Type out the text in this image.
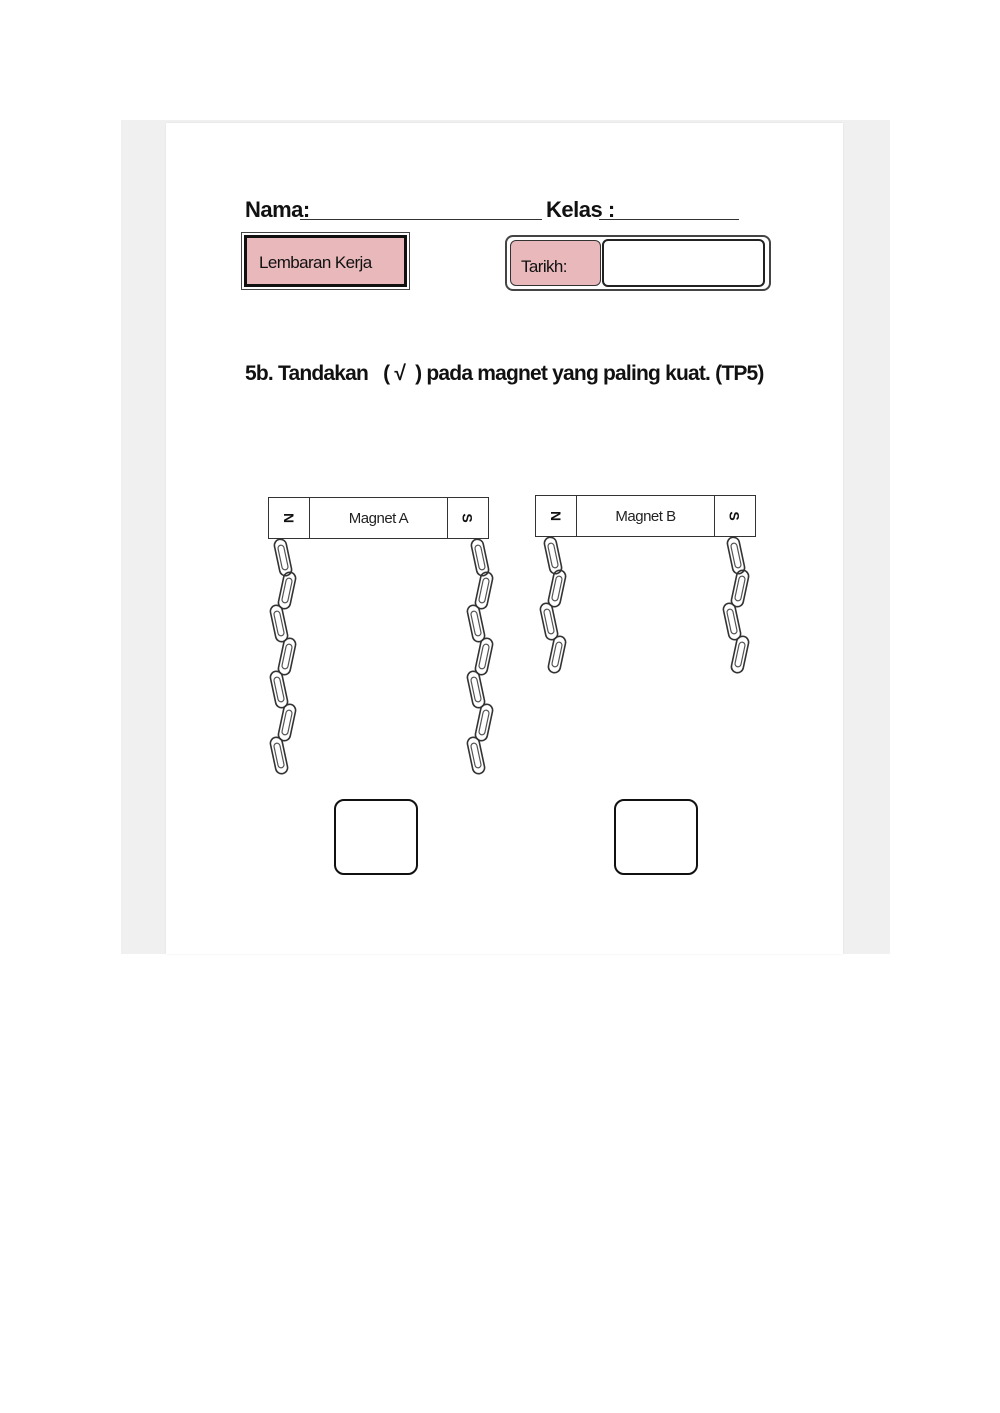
Nama:	Kelas :
Lembaran Kerja	Tarikh:
5b. Tandakan   ( √  ) pada magnet yang paling kuat. (TP5)
N	Magnet A	S	N	Magnet B	S
